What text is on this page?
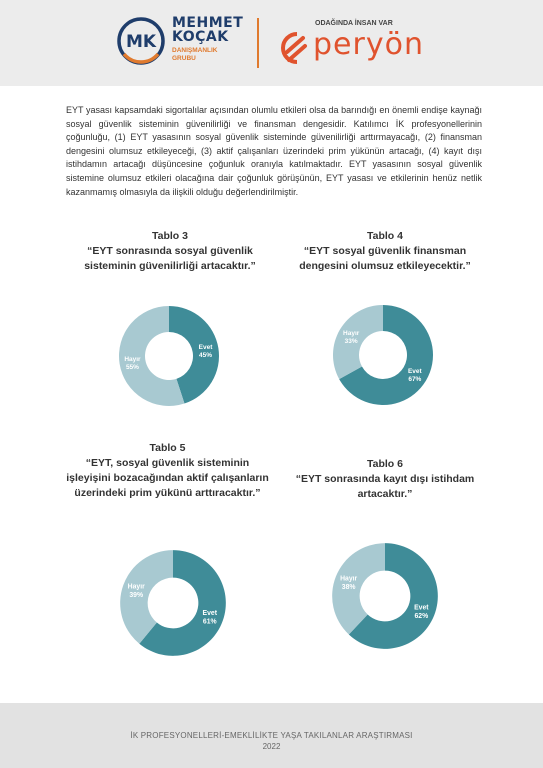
MK
MEHMET
KOÇAK
DANIŞMANLIK
GRUBU
ODAĞINDA İNSAN VAR
peryön

EYT yasası kapsamdaki sigortalılar açısından olumlu etkileri olsa da barındığı en önemli endişe kaynağı sosyal güvenlik sisteminin güvenilirliği ve finansman dengesidir. Katılımcı İK profesyonellerinin çoğunluğu, (1) EYT yasasının sosyal güvenlik sisteminde güvenilirliği arttırmayacağı, (2) finansman dengesini olumsuz etkileyeceği, (3) aktif çalışanları üzerindeki prim yükünün artacağı, (4) kayıt dışı istihdamın artacağı düşüncesine çoğunluk oranıyla katılmaktadır. EYT yasasının sosyal güvenlik sistemine olumsuz etkileri olacağına dair çoğunluk görüşünün, EYT yasası ve etkilerinin henüz netlik kazanmamış olmasıyla da ilişkili olduğu değerlendirilmiştir.

Tablo 3
“EYT sonrasında sosyal güvenlik sisteminin güvenilirliği artacaktır.”
Evet
45%
Hayır
55%
Tablo 4
“EYT sosyal güvenlik finansman dengesini olumsuz etkileyecektir.”
Evet
67%
Hayır
33%
Tablo 5
“EYT, sosyal güvenlik sisteminin işleyişini bozacağından aktif çalışanların üzerindeki prim yükünü arttıracaktır.”
Evet
61%
Hayır
39%
Tablo 6
“EYT sonrasında kayıt dışı istihdam artacaktır.”
Evet
62%
Hayır
38%
İK PROFESYONELLERİ-EMEKLİLİKTE YAŞA TAKILANLAR ARAŞTIRMASI
2022
